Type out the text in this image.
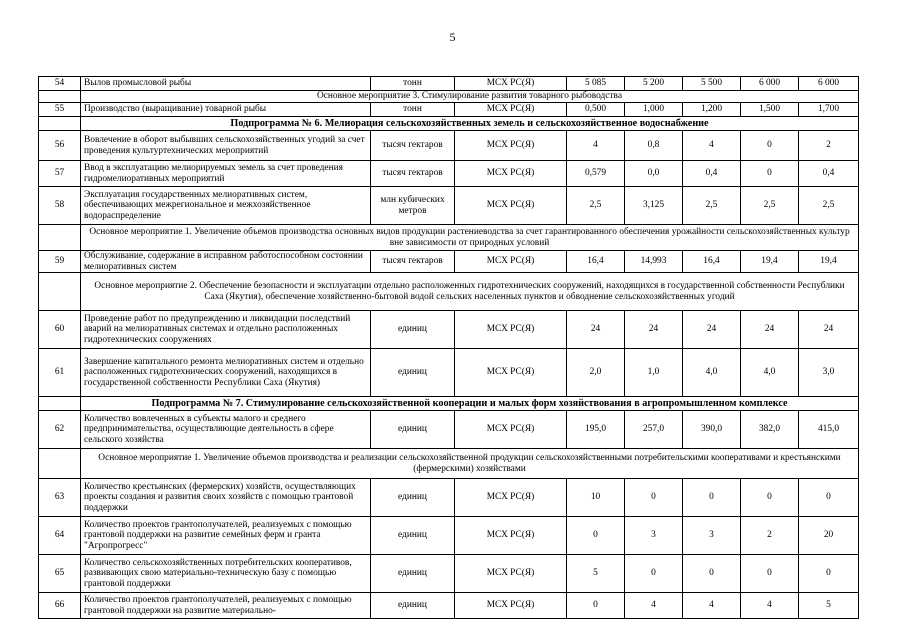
5
54	Вылов промысловой рыбы	тонн	МСХ РС(Я)	5 085	5 200	5 500	6 000	6 000
	Основное мероприятие 3. Стимулирование развития товарного рыбоводства							
55	Производство (выращивание) товарной рыбы	тонн	МСХ РС(Я)	0,500	1,000	1,200	1,500	1,700
	Подпрограмма № 6. Мелиорация сельскохозяйственных земель и сельскохозяйственное водоснабжение							
56	Вовлечение в оборот выбывших сельскохозяйственных угодий за счет проведения культуртехнических мероприятий	тысяч гектаров	МСХ РС(Я)	4	0,8	4	0	2
57	Ввод в эксплуатацию мелиорируемых земель за счет проведения гидромелиоративных мероприятий	тысяч гектаров	МСХ РС(Я)	0,579	0,0	0,4	0	0,4
58	Эксплуатация государственных мелиоративных систем, обеспечивающих межрегиональное и межхозяйственное водораспределение	млн кубических метров	МСХ РС(Я)	2,5	3,125	2,5	2,5	2,5
	Основное мероприятие 1. Увеличение объемов производства основных видов продукции растениеводства за счет гарантированного обеспечения урожайности сельскохозяйственных культур вне зависимости от природных условий							
59	Обслуживание, содержание в исправном работоспособном состоянии мелиоративных систем	тысяч гектаров	МСХ РС(Я)	16,4	14,993	16,4	19,4	19,4
	Основное мероприятие 2. Обеспечение безопасности и эксплуатации отдельно расположенных гидротехнических сооружений, находящихся в государственной собственности Республики Саха (Якутия), обеспечение хозяйственно-бытовой водой сельских населенных пунктов и обводнение сельскохозяйственных угодий							
60	Проведение работ по предупреждению и ликвидации последствий аварий на мелиоративных системах и отдельно расположенных гидротехнических сооружениях	единиц	МСХ РС(Я)	24	24	24	24	24
61	Завершение капитального ремонта мелиоративных систем и отдельно расположенных гидротехнических сооружений, находящихся в государственной собственности Республики Саха (Якутия)	единиц	МСХ РС(Я)	2,0	1,0	4,0	4,0	3,0
	Подпрограмма № 7. Стимулирование сельскохозяйственной кооперации и малых форм хозяйствования в агропромышленном комплексе							
62	Количество вовлеченных в субъекты малого и среднего предпринимательства, осуществляющие деятельность в сфере сельского хозяйства	единиц	МСХ РС(Я)	195,0	257,0	390,0	382,0	415,0
	Основное мероприятие 1. Увеличение объемов производства и реализации сельскохозяйственной продукции сельскохозяйственными потребительскими кооперативами и крестьянскими (фермерскими) хозяйствами							
63	Количество крестьянских (фермерских) хозяйств, осуществляющих проекты создания и развития своих хозяйств с помощью грантовой поддержки	единиц	МСХ РС(Я)	10	0	0	0	0
64	Количество проектов грантополучателей, реализуемых с помощью грантовой поддержки на развитие семейных ферм и гранта "Агропрогресс"	единиц	МСХ РС(Я)	0	3	3	2	20
65	Количество сельскохозяйственных потребительских кооперативов, развивающих свою материально-техническую базу с помощью грантовой поддержки	единиц	МСХ РС(Я)	5	0	0	0	0
66	Количество проектов грантополучателей, реализуемых с помощью грантовой поддержки на развитие материально-	единиц	МСХ РС(Я)	0	4	4	4	5
